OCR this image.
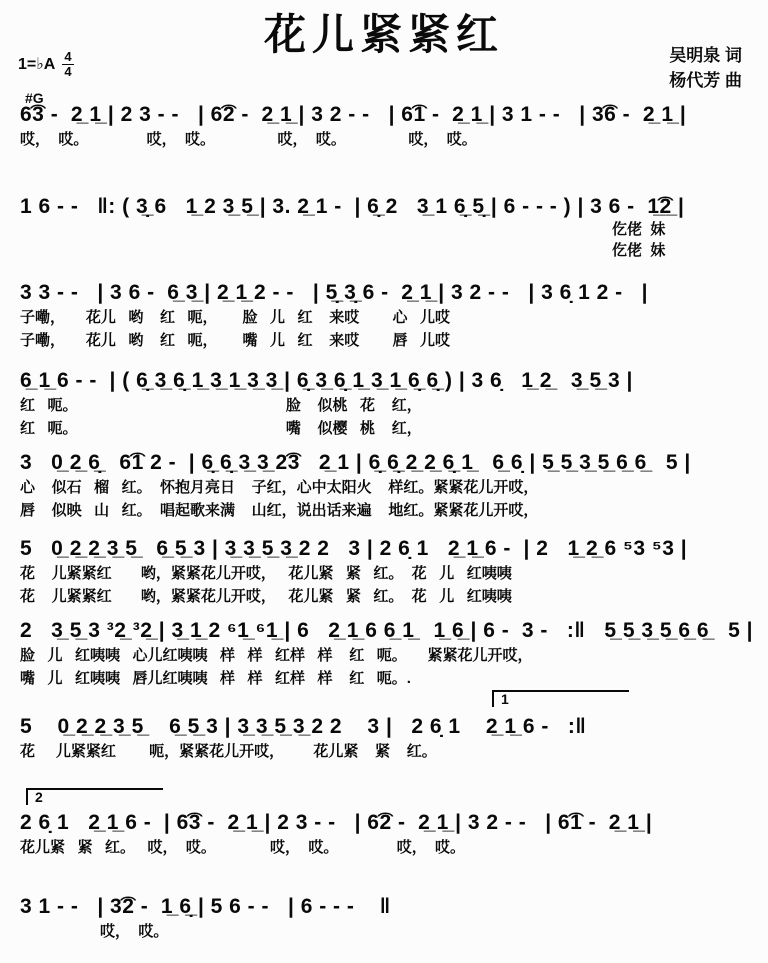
花儿紧紧红
1=♭A $\frac{4}{4}$	吴明泉 词
杨代芳 曲
#G
6͡3 -  2̲ 1̲ | 2 3 - -   | 6͡2 -  2̲ 1̲ | 3 2 - -   | 6͡1 -  2̲ 1̲ | 3 1 - -   | 3͡6 -  2̲ 1̲ |
哎，  哎。              哎，  哎。               哎，  哎。               哎，  哎。
1 6 - -   ‖: ( 3̲̣ 6   1̲ 2 3̲ 5̲ | 3. 2̲ 1 -  | 6̲̣ 2   3̲ 1 6̲̣ 5̲̣ | 6 - - - ) | 3 6 -  1̲͡2̲ |
仡佬  妹
仡佬  妹
3 3 - -   | 3 6 -  6̲ 3̲ | 2̲ 1̲ 2 - -   | 5̲̣ 3̲̣ 6 -  2̲ 1̲ | 3 2 - -   | 3 6̣ 1 2 -   |
子嘞，     花儿   哟    红   呃，      脸   儿   红    来哎        心   儿哎
子嘞，     花儿   哟    红   呃，      嘴   儿   红    来哎        唇   儿哎
6̲ 1̲ 6 - -  | ( 6̲̣ 3̲ 6̲̣ 1̲ 3̲ 1̲ 3̲ 3̲ | 6̲̣ 3̲ 6̲̣ 1̲ 3̲ 1̲ 6̲̣ 6̲̣ ) | 3 6̣   1̲ 2̲   3̲ 5̲ 3 |
红   呃。                                                  脸    似桃   花    红，
红   呃。                                                  嘴    似樱   桃    红，
3   0̲ 2̲ 6̲̣   6͡1 2 -  | 6̲̣ 6̲̣ 3̲ 3̲ 2͡3   2̲ 1 | 6̲̣ 6̲̣ 2̲ 2̲ 6̲̣ 1̲   6̲ 6̣ | 5̲ 5̲ 3̲ 5̲ 6̲ 6̲   5 |
心    似石   榴   红。  怀抱月亮日    子红，心中太阳火    样红。紧紧花儿开哎，
唇    似映   山   红。  唱起歌来满    山红，说出话来遍    地红。紧紧花儿开哎，
5   0̲ 2̲ 2̲ 3̲ 5̲   6̲ 5̲ 3 | 3̲ 3̲ 5̲ 3̲ 2 2   3 | 2 6̣ 1   2̲ 1̲ 6 -  | 2   1̲ 2̲ 6 ⁵3 ⁵3 |
花    儿紧紧红       哟，紧紧花儿开哎，   花儿紧   紧   红。  花   儿   红咦咦
花    儿紧紧红       哟，紧紧花儿开哎，   花儿紧   紧   红。  花   儿   红咦咦
2   3̲ 5̲ 3 ³2̲ ³2̲ | 3̲ 1̲ 2 ⁶1̲ ⁶1̲ | 6   2̲ 1̲ 6 6̲ 1̲   1̲ 6̲ | 6 -  3 -   :‖   5̲ 5̲ 3̲ 5̲ 6̲ 6̲   5 |
脸   儿   红咦咦   心儿红咦咦   样   样   红样   样    红   呃。     紧紧花儿开哎，
嘴   儿   红咦咦   唇儿红咦咦   样   样   红样   样    红   呃。.
1
5    0̲ 2̲ 2̲ 3̲ 5̲    6̲ 5̲ 3 | 3̲ 3̲ 5̲ 3̲ 2 2    3 |   2 6̣ 1    2̲ 1̲ 6 -   :‖
花     儿紧紧红        呃，紧紧花儿开哎，       花儿紧    紧    红。
2
2 6̣ 1   2̲ 1̲ 6 -  | 6͡3 -  2̲ 1̲ | 2 3 - -   | 6͡2 -  2̲ 1̲ | 3 2 - -   | 6͡1 -  2̲ 1̲ |
花儿紧   紧   红。   哎，  哎。             哎，  哎。              哎，  哎。
3 1 - -   | 3͡2 -  1̲ 6̲̣ | 5 6 - -   | 6 - - -    ‖
哎，  哎。
